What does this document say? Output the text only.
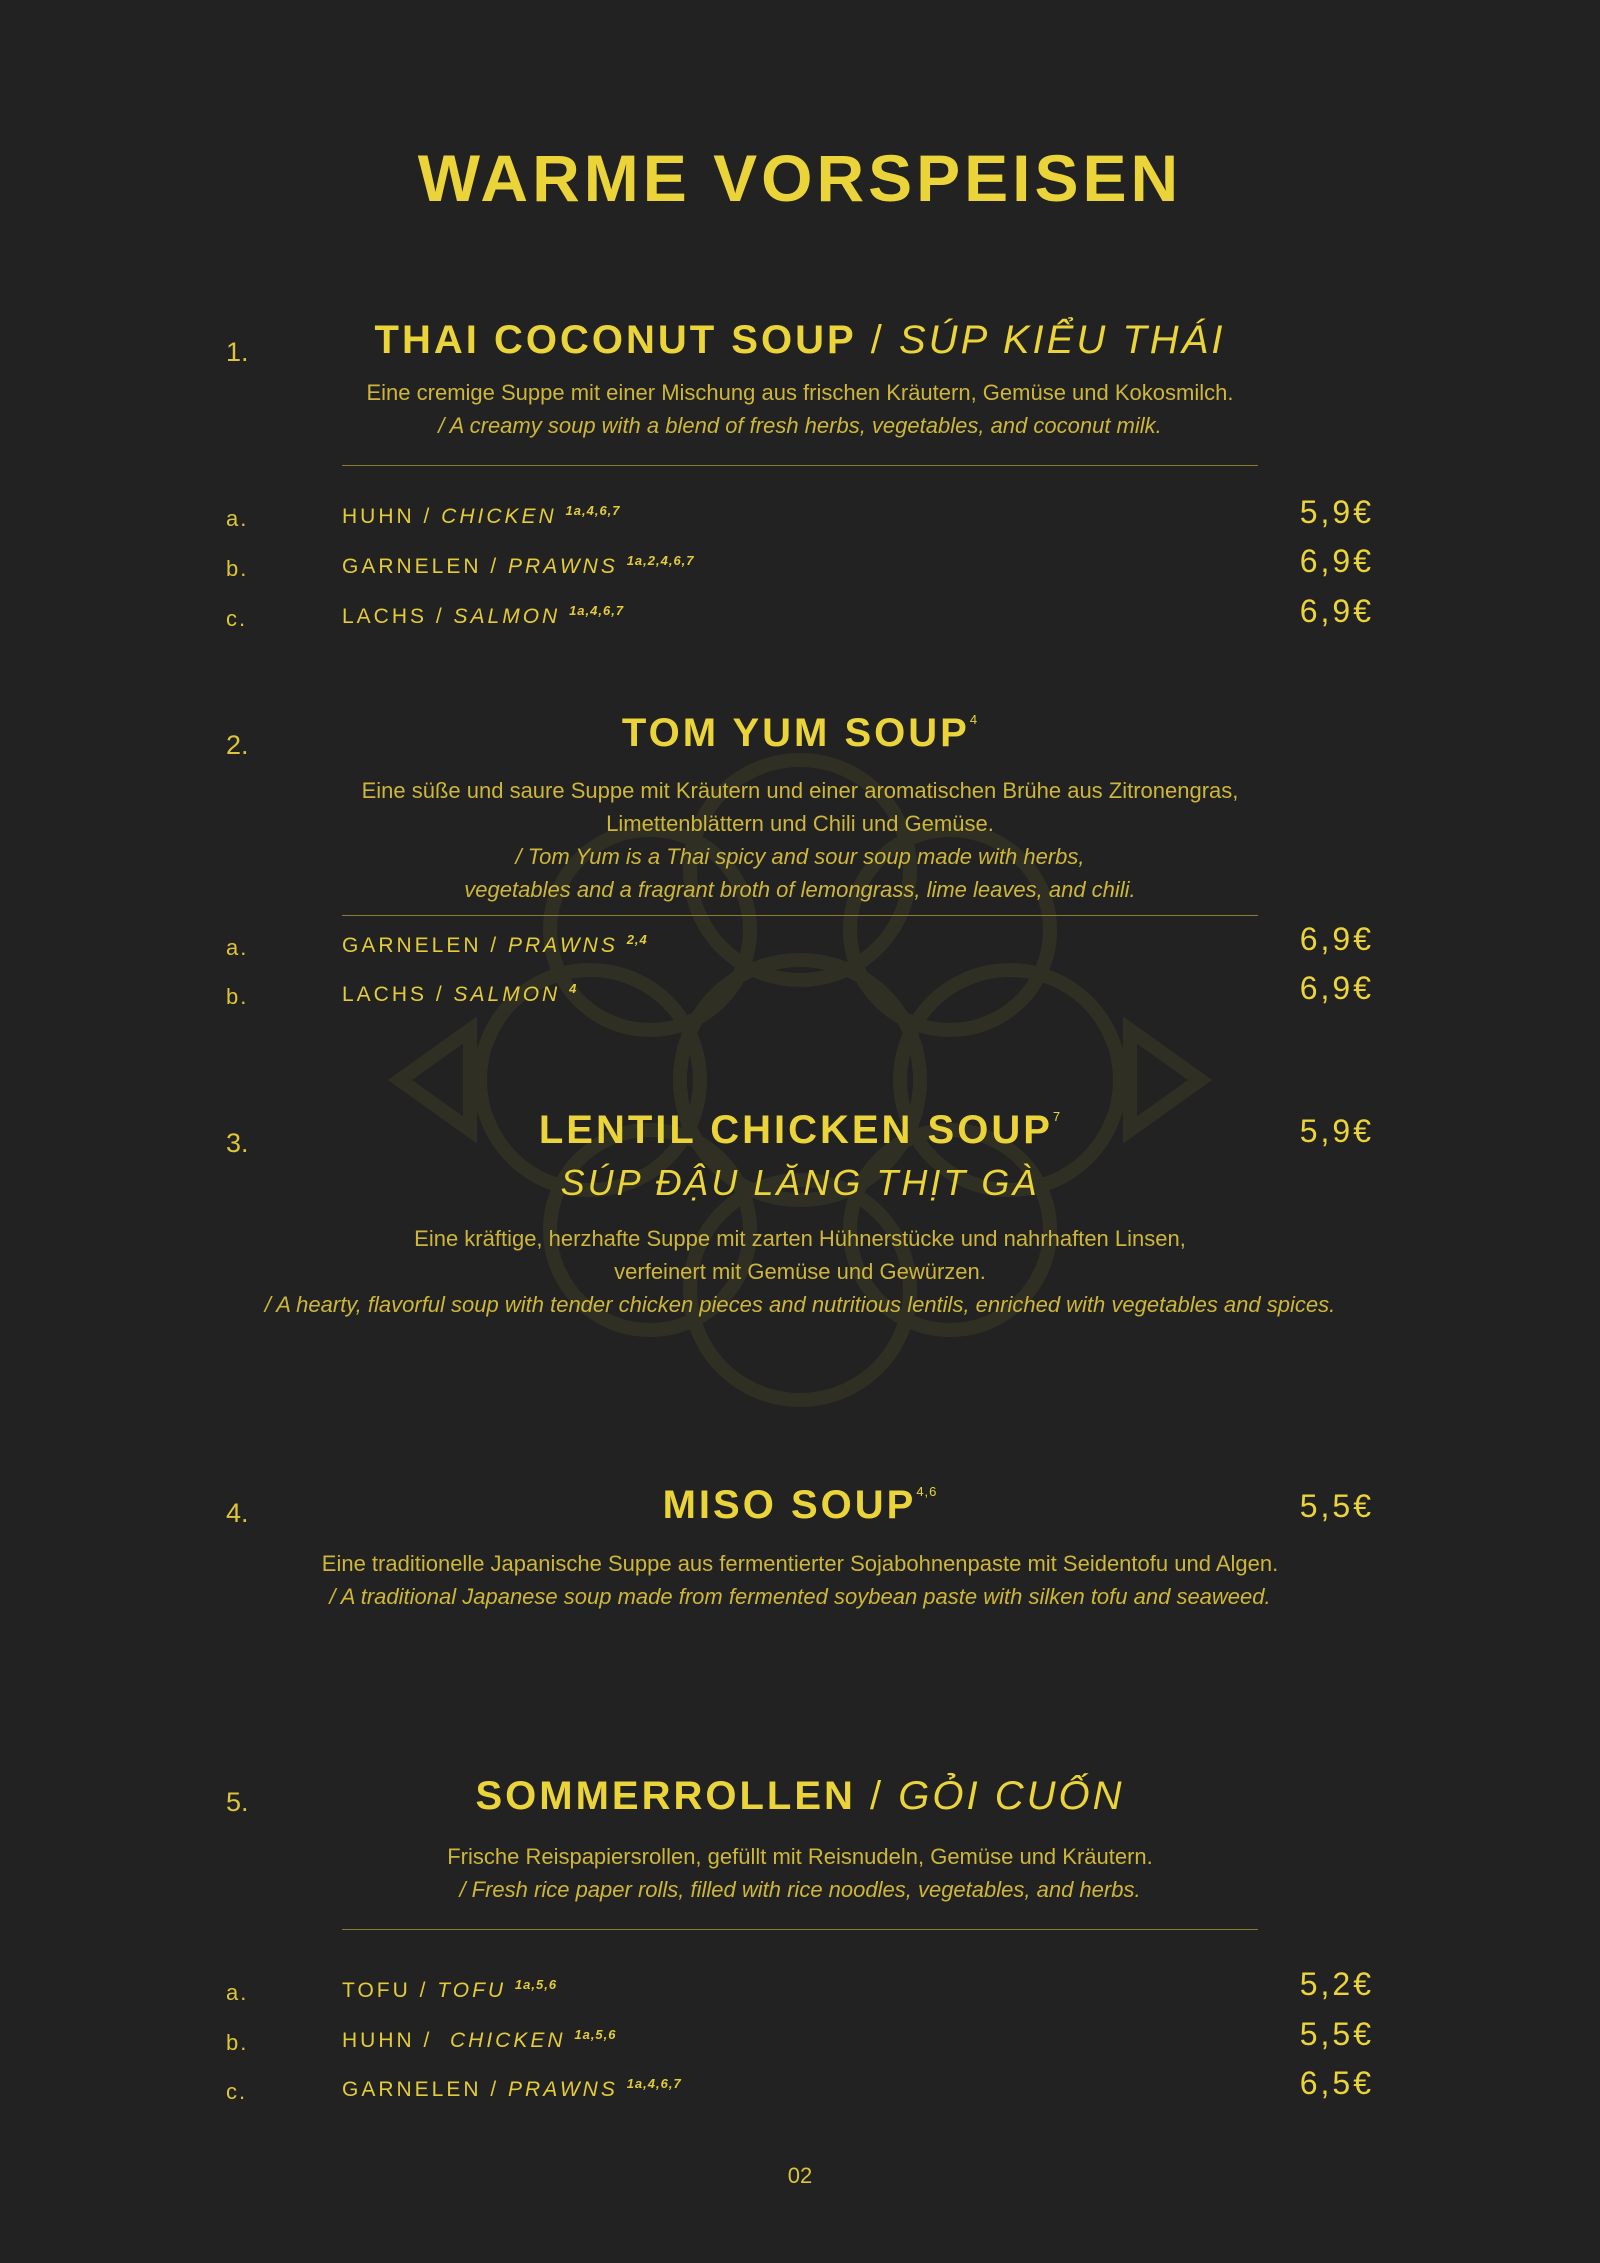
WARME VORSPEISEN
1.	THAI COCONUT SOUP / SÚP KIỂU THÁI
Eine cremige Suppe mit einer Mischung aus frischen Kräutern, Gemüse und Kokosmilch.
/ A creamy soup with a blend of fresh herbs, vegetables, and coconut milk.
a.	HUHN / CHICKEN $^{1a,4,6,7}$	5,9€
b.	GARNELEN / PRAWNS $^{1a,2,4,6,7}$	6,9€
c.	LACHS / SALMON $^{1a,4,6,7}$	6,9€
2.	TOM YUM SOUP$^4$
Eine süße und saure Suppe mit Kräutern und einer aromatischen Brühe aus Zitronengras,
Limettenblättern und Chili und Gemüse.
/ Tom Yum is a Thai spicy and sour soup made with herbs,
vegetables and a fragrant broth of lemongrass, lime leaves, and chili.
a.	GARNELEN / PRAWNS $^{2,4}$	6,9€
b.	LACHS / SALMON $^4$	6,9€
3.	LENTIL CHICKEN SOUP$^7$	5,9€
SÚP ĐẬU LĂNG THỊT GÀ
Eine kräftige, herzhafte Suppe mit zarten Hühnerstücke und nahrhaften Linsen,
verfeinert mit Gemüse und Gewürzen.
/ A hearty, flavorful soup with tender chicken pieces and nutritious lentils, enriched with vegetables and spices.
4.	MISO SOUP$^{4,6}$	5,5€
Eine traditionelle Japanische Suppe aus fermentierter Sojabohnenpaste mit Seidentofu und Algen.
/ A traditional Japanese soup made from fermented soybean paste with silken tofu and seaweed.
5.	SOMMERROLLEN / GỎI CUỐN
Frische Reispapiersrollen, gefüllt mit Reisnudeln, Gemüse und Kräutern.
/ Fresh rice paper rolls, filled with rice noodles, vegetables, and herbs.
a.	TOFU / TOFU $^{1a,5,6}$	5,2€
b.	HUHN /  CHICKEN $^{1a,5,6}$	5,5€
c.	GARNELEN / PRAWNS $^{1a,4,6,7}$	6,5€
02
